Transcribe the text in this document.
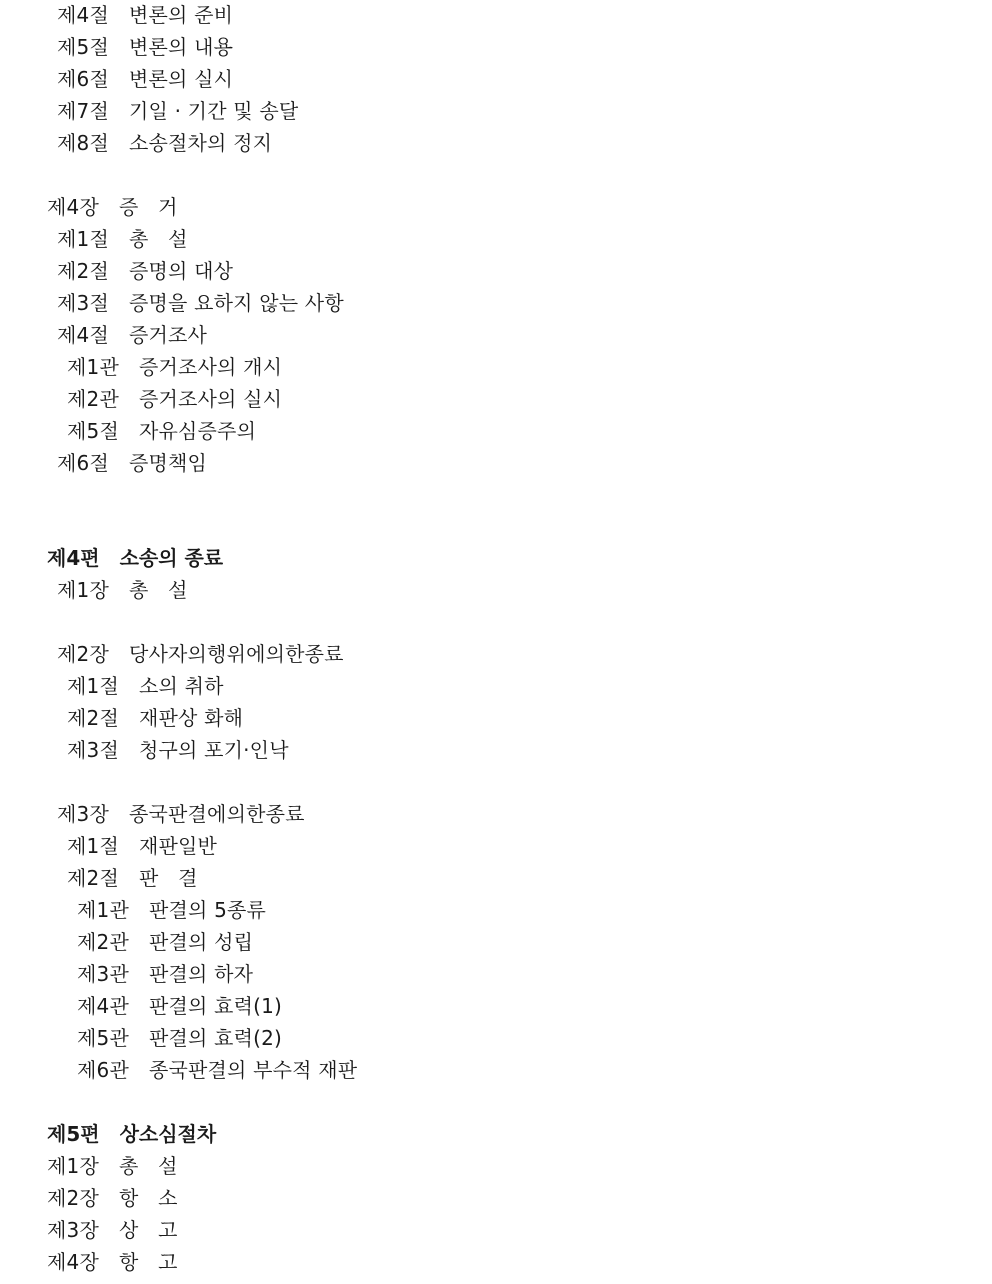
제4절 변론의 준비
제5절 변론의 내용
제6절 변론의 실시
제7절 기일 · 기간 및 송달
제8절 소송절차의 정지
제4장 증   거
제1절 총   설
제2절 증명의 대상
제3절 증명을 요하지 않는 사항
제4절 증거조사
제1관 증거조사의 개시
제2관 증거조사의 실시
제5절 자유심증주의
제6절 증명책임
제4편 소송의 종료
제1장 총   설
제2장 당사자의행위에의한종료
제1절 소의 취하
제2절 재판상 화해
제3절 청구의 포기·인낙
제3장 종국판결에의한종료
제1절 재판일반
제2절 판   결
제1관 판결의 5종류
제2관 판결의 성립
제3관 판결의 하자
제4관 판결의 효력(1)
제5관 판결의 효력(2)
제6관 종국판결의 부수적 재판
제5편 상소심절차
제1장 총   설
제2장 항   소
제3장 상   고
제4장 항   고
